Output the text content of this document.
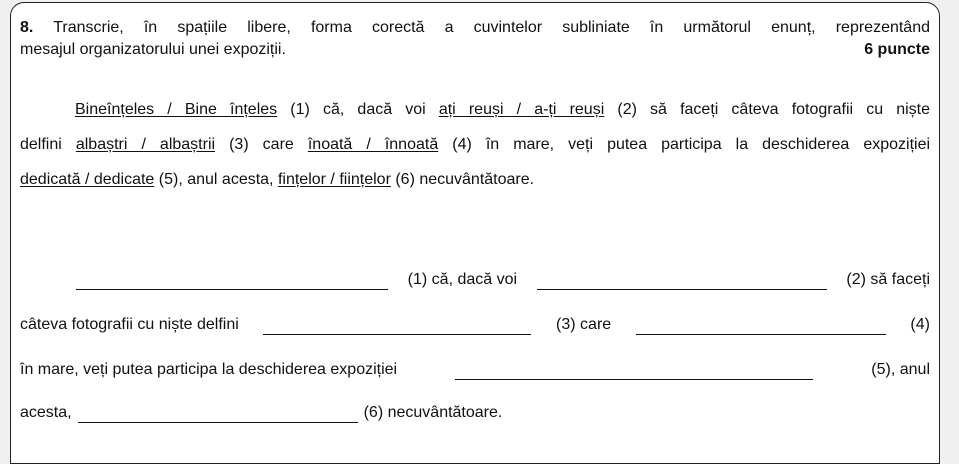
8. Transcrie, în spațiile libere, forma corectă a cuvintelor subliniate în următorul enunț, reprezentând
mesajul organizatorului unei expoziții.	6 puncte
Bineînțeles / Bine înțeles (1) că, dacă voi ați reuși / a-ți reuși (2) să faceți câteva fotografii cu niște
delfini albaștri / albaștrii (3) care înoată / înnoată (4) în mare, veți putea participa la deschiderea expoziției
dedicată / dedicate (5), anul acesta, fințelor / ființelor (6) necuvântătoare.
(1) că, dacă voi	(2) să faceți
câteva fotografii cu niște delfini	(3) care	(4)
în mare, veți putea participa la deschiderea expoziției	(5), anul
acesta,	(6) necuvântătoare.
